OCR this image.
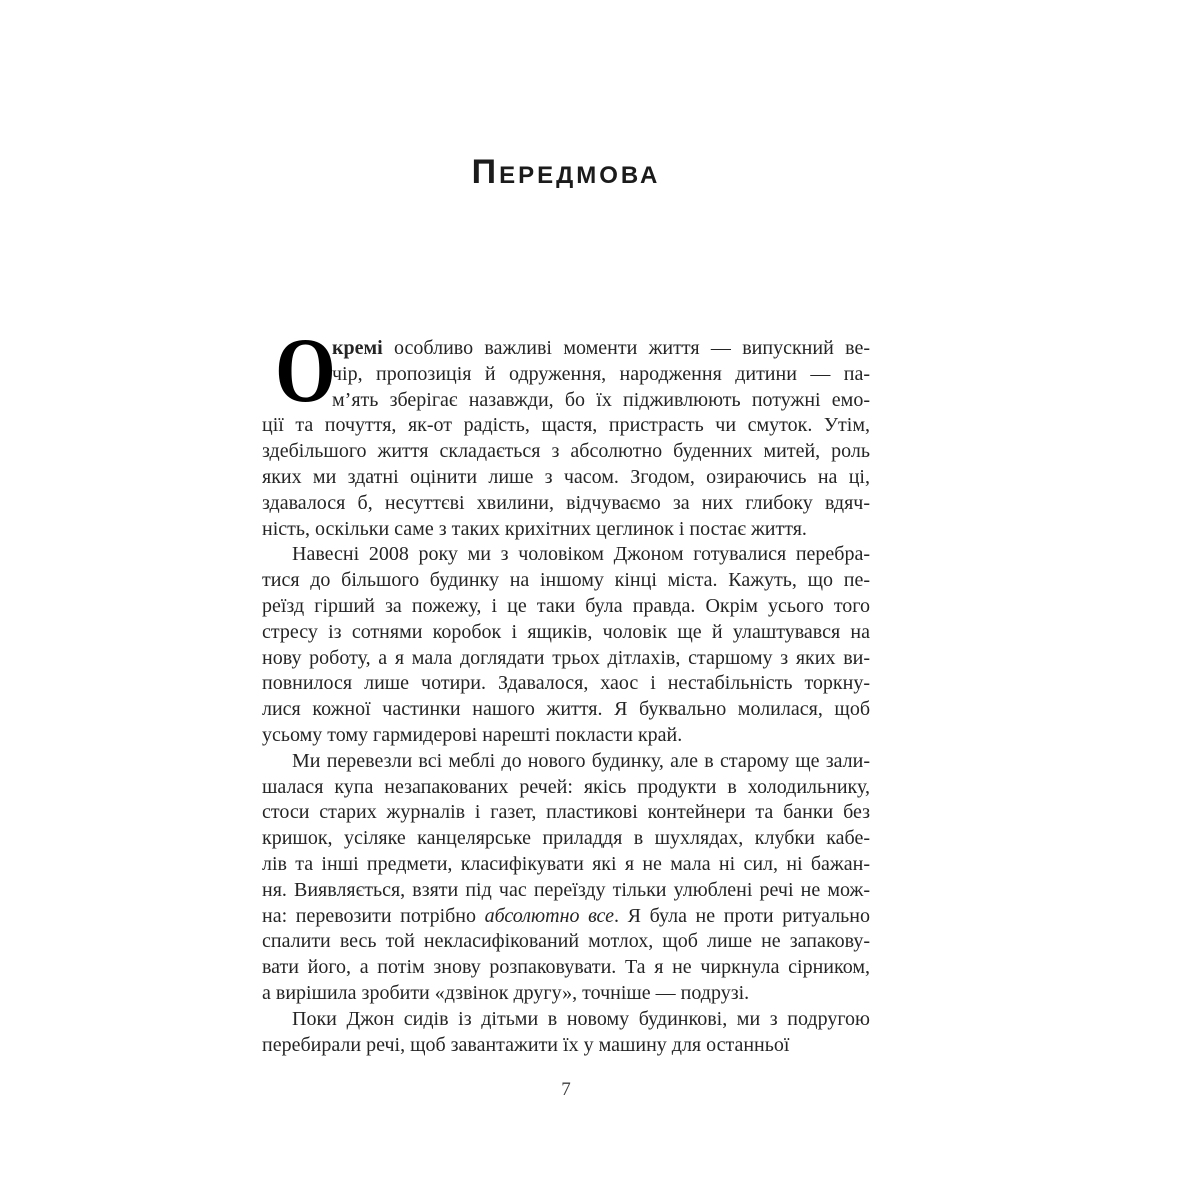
ПЕРЕДМОВА
О
кремі особливо важливі моменти життя — випускний ве-
чір, пропозиція й одруження, народження дитини — па-
м’ять зберігає назавжди, бо їх підживлюють потужні емо-
ції та почуття, як-от радість, щастя, пристрасть чи смуток. Утім,
здебільшого життя складається з абсолютно буденних митей, роль
яких ми здатні оцінити лише з часом. Згодом, озираючись на ці,
здавалося б, несуттєві хвилини, відчуваємо за них глибоку вдяч-
ність, оскільки саме з таких крихітних цеглинок і постає життя.
Навесні 2008 року ми з чоловіком Джоном готувалися перебра-
тися до більшого будинку на іншому кінці міста. Кажуть, що пе-
реїзд гірший за пожежу, і це таки була правда. Окрім усього того
стресу із сотнями коробок і ящиків, чоловік ще й улаштувався на
нову роботу, а я мала доглядати трьох дітлахів, старшому з яких ви-
повнилося лише чотири. Здавалося, хаос і нестабільність торкну-
лися кожної частинки нашого життя. Я буквально молилася, щоб
усьому тому гармидерові нарешті покласти край.
Ми перевезли всі меблі до нового будинку, але в старому ще зали-
шалася купа незапакованих речей: якісь продукти в холодильнику,
стоси старих журналів і газет, пластикові контейнери та банки без
кришок, усіляке канцелярське приладдя в шухлядах, клубки кабе-
лів та інші предмети, класифікувати які я не мала ні сил, ні бажан-
ня. Виявляється, взяти під час переїзду тільки улюблені речі не мож-
на: перевозити потрібно абсолютно все. Я була не проти ритуально
спалити весь той некласифікований мотлох, щоб лише не запакову-
вати його, а потім знову розпаковувати. Та я не чиркнула сірником,
а вирішила зробити «дзвінок другу», точніше — подрузі.
Поки Джон сидів із дітьми в новому будинкові, ми з подругою
перебирали речі, щоб завантажити їх у машину для останньої
7
